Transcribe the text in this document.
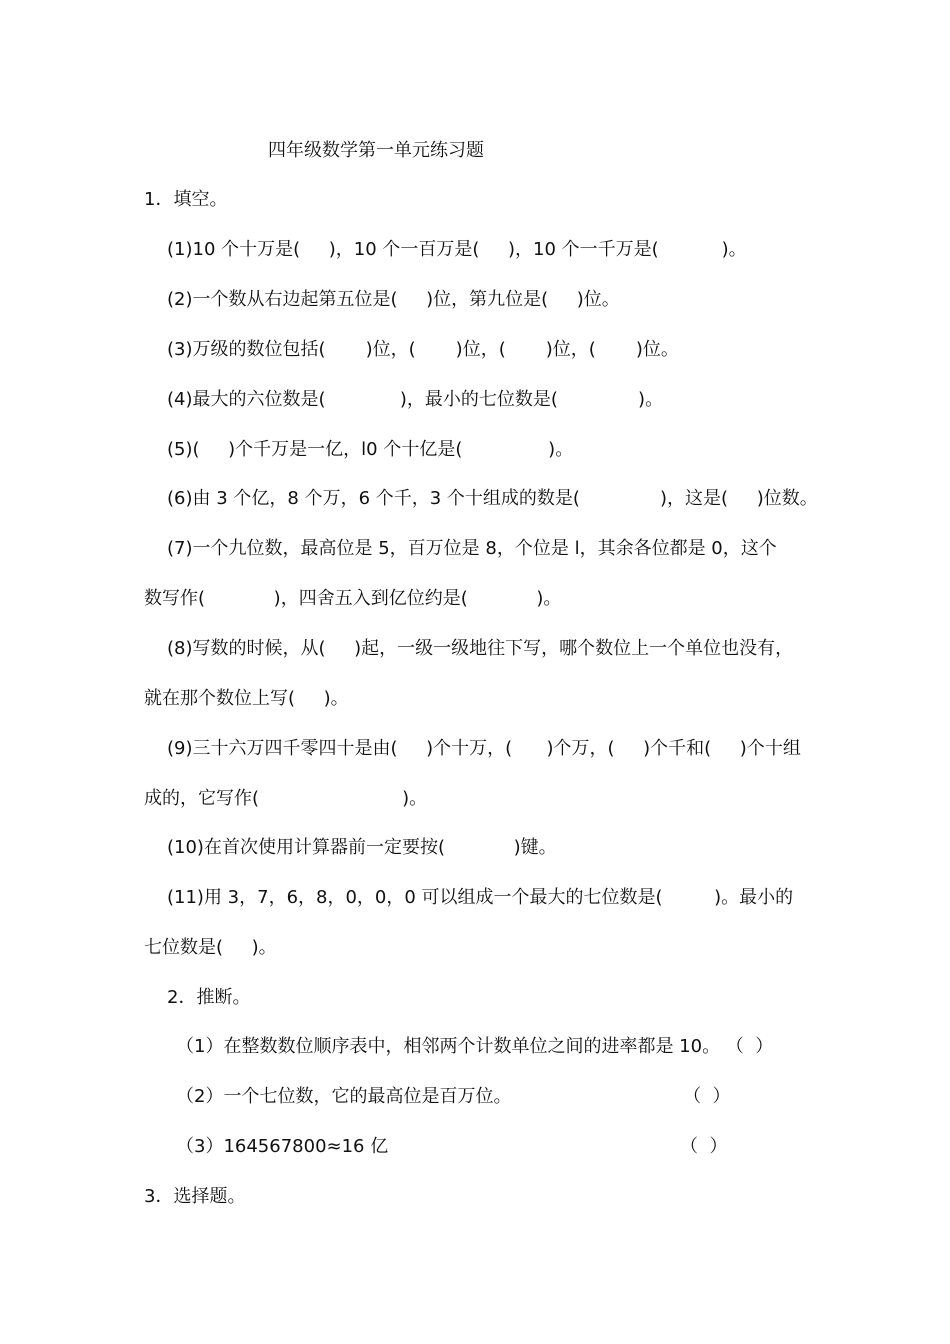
四年级数学第一单元练习题
1．填空。
(1)10 个十万是(     )，10 个一百万是(     )，10 个一千万是(           )。
(2)一个数从右边起第五位是(     )位，第九位是(     )位。
(3)万级的数位包括(       )位，(       )位，(       )位，(       )位。
(4)最大的六位数是(             )，最小的七位数是(              )。
(5)(     )个千万是一亿，l0 个十亿是(               )。
(6)由 3 个亿，8 个万，6 个千，3 个十组成的数是(              )，这是(     )位数。
(7)一个九位数，最高位是 5，百万位是 8，个位是 l，其余各位都是 0，这个
数写作(            )，四舍五入到亿位约是(            )。
(8)写数的时候，从(     )起，一级一级地往下写，哪个数位上一个单位也没有，
就在那个数位上写(     )。
(9)三十六万四千零四十是由(     )个十万，(      )个万，(     )个千和(     )个十组
成的，它写作(                         )。
(10)在首次使用计算器前一定要按(            )键。
(11)用 3，7，6，8，0，0，0 可以组成一个最大的七位数是(         )。最小的
七位数是(     )。
2．推断。
（1）在整数数位顺序表中，相邻两个计数单位之间的进率都是 10。 （  ）
（2）一个七位数，它的最高位是百万位。                              （  ）
（3）164567800≈16 亿                                                   （  ）
3．选择题。
